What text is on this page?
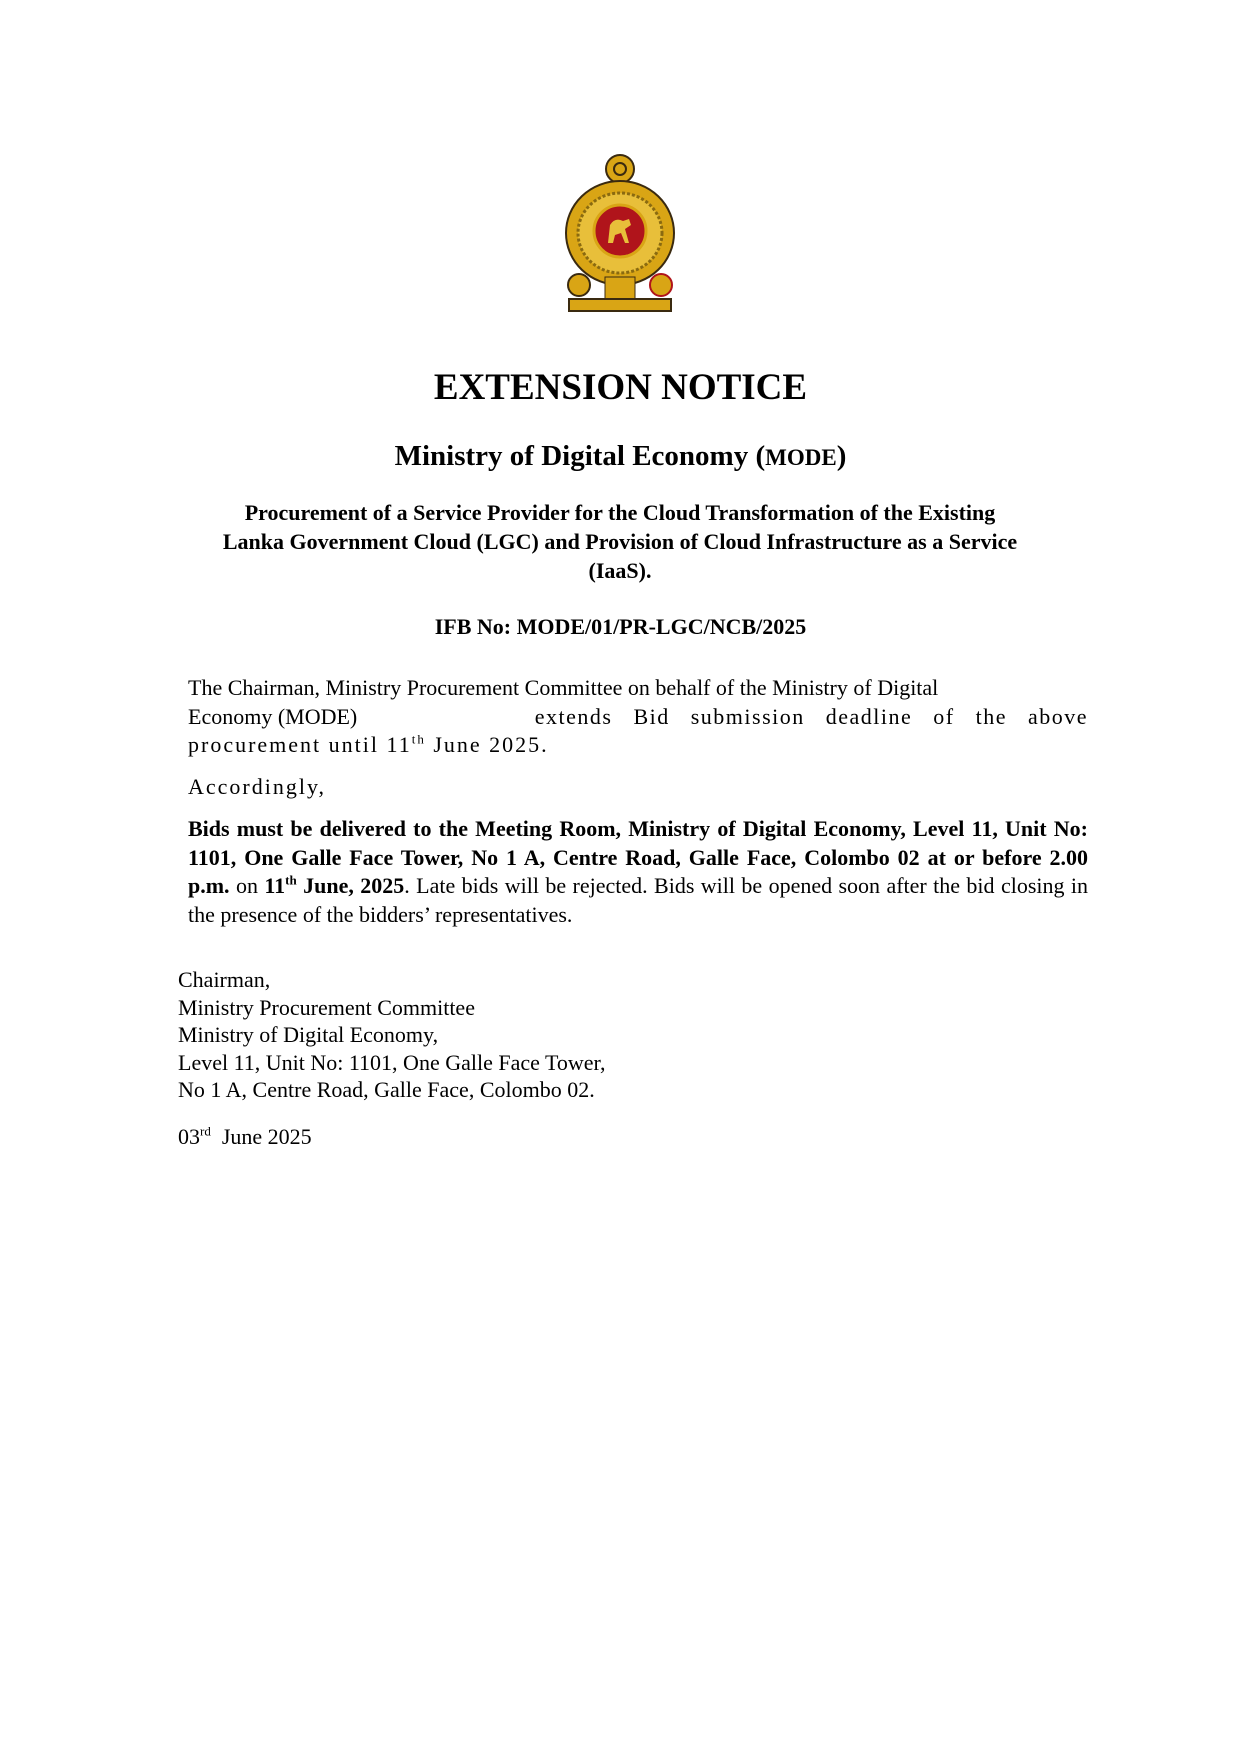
EXTENSION NOTICE
Ministry of Digital Economy (MODE)
Procurement of a Service Provider for the Cloud Transformation of the Existing
Lanka Government Cloud (LGC) and Provision of Cloud Infrastructure as a Service
(IaaS).
IFB No: MODE/01/PR-LGC/NCB/2025
The Chairman, Ministry Procurement Committee on behalf of the Ministry of Digital
Economy (MODE)	extends Bid submission deadline of the above
procurement until 11th June 2025.
Accordingly,
Bids must be delivered to the Meeting Room, Ministry of Digital Economy, Level 11, Unit No: 1101, One Galle Face Tower, No 1 A, Centre Road, Galle Face, Colombo 02 at or before 2.00 p.m. on 11th June, 2025. Late bids will be rejected. Bids will be opened soon after the bid closing in the presence of the bidders’ representatives.
Chairman,
Ministry Procurement Committee
Ministry of Digital Economy,
Level 11, Unit No: 1101, One Galle Face Tower,
No 1 A, Centre Road, Galle Face, Colombo 02.
03rd  June 2025
